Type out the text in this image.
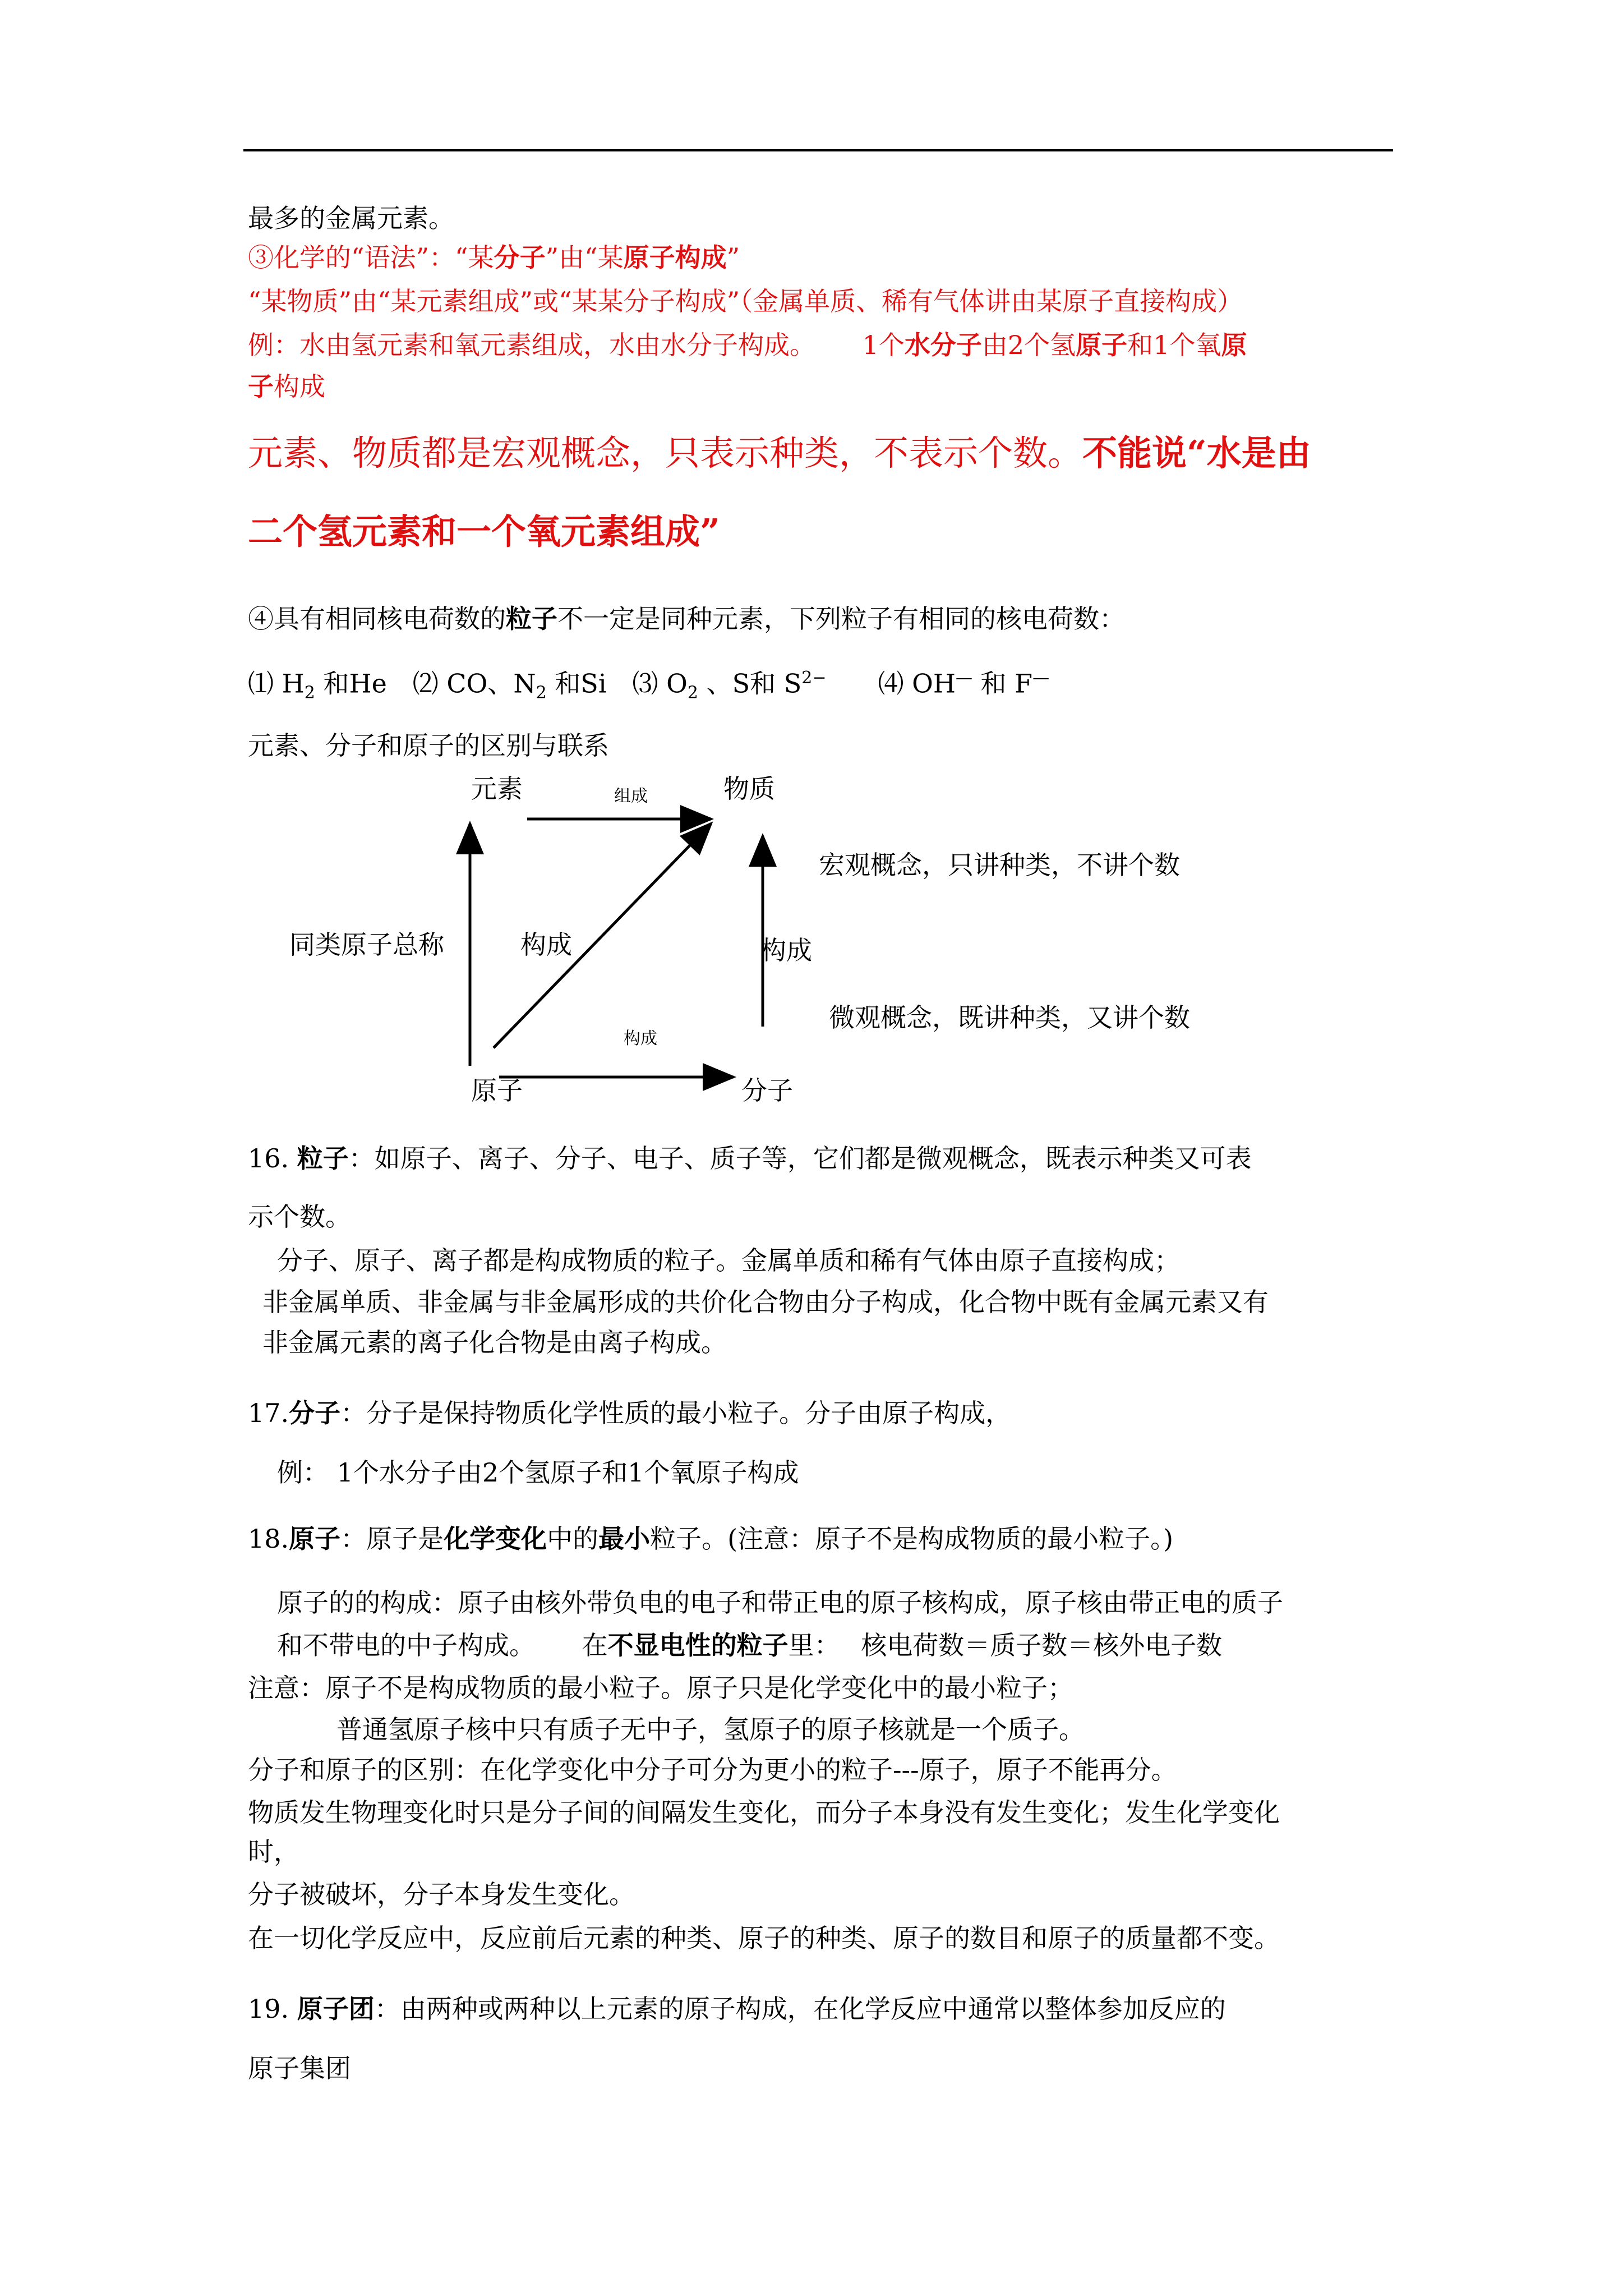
最多的金属元素。
③化学的“语法”：“某分子”由“某原子构成”
“某物质”由“某元素组成”或“某某分子构成”（金属单质、稀有气体讲由某原子直接构成）
例：水由氢元素和氧元素组成，水由水分子构成。　　 1个水分子由2个氢原子和1个氧原
子构成
元素、物质都是宏观概念，只表示种类，不表示个数。不能说“水是由
二个氢元素和一个氧元素组成”
④具有相同核电荷数的粒子不一定是同种元素，下列粒子有相同的核电荷数：
⑴ $H_2$ 和He　⑵ CO、$N_2$ 和Si　⑶ $O_2$ 、S和 $S^{2-}$　　⑷ OH— 和 F—
元素、分子和原子的区别与联系
元素	物质
组成
宏观概念，只讲种类，不讲个数
同类原子总称	构成	构成
微观概念，既讲种类，又讲个数
构成
原子	分子
16. 粒子：如原子、离子、分子、电子、质子等，它们都是微观概念，既表示种类又可表
示个数。
分子、原子、离子都是构成物质的粒子。金属单质和稀有气体由原子直接构成；
非金属单质、非金属与非金属形成的共价化合物由分子构成，化合物中既有金属元素又有
非金属元素的离子化合物是由离子构成。
17.分子：分子是保持物质化学性质的最小粒子。分子由原子构成，
例： 1个水分子由2个氢原子和1个氧原子构成
18.原子：原子是化学变化中的最小粒子。(注意：原子不是构成物质的最小粒子。)
原子的的构成：原子由核外带负电的电子和带正电的原子核构成，原子核由带正电的质子
和不带电的中子构成。　　 在不显电性的粒子里：　 核电荷数＝质子数＝核外电子数
注意：原子不是构成物质的最小粒子。原子只是化学变化中的最小粒子；
普通氢原子核中只有质子无中子，氢原子的原子核就是一个质子。
分子和原子的区别：在化学变化中分子可分为更小的粒子---原子，原子不能再分。
物质发生物理变化时只是分子间的间隔发生变化，而分子本身没有发生变化；发生化学变化
时，
分子被破坏，分子本身发生变化。
在一切化学反应中，反应前后元素的种类、原子的种类、原子的数目和原子的质量都不变。
19. 原子团：由两种或两种以上元素的原子构成，在化学反应中通常以整体参加反应的
原子集团
